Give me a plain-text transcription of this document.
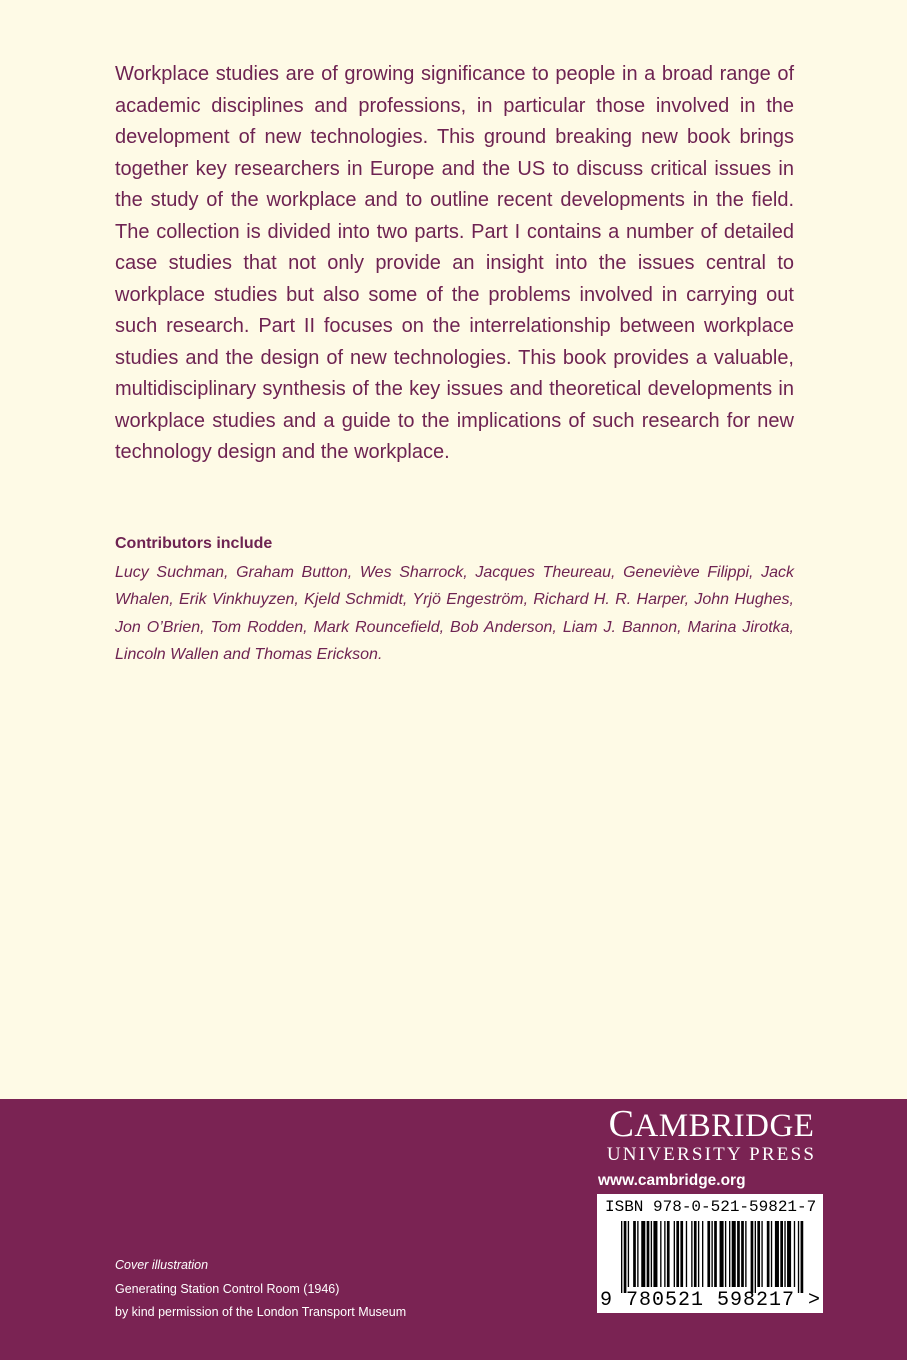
Workplace studies are of growing significance to people in a broad range of academic disciplines and professions, in particular those involved in the development of new technologies. This ground breaking new book brings together key researchers in Europe and the US to discuss critical issues in the study of the workplace and to outline recent developments in the field. The collection is divided into two parts. Part I contains a number of detailed case studies that not only provide an insight into the issues central to workplace studies but also some of the problems involved in carrying out such research. Part II focuses on the interrelationship between workplace studies and the design of new technologies. This book provides a valuable, multidisciplinary synthesis of the key issues and theoretical developments in workplace studies and a guide to the implications of such research for new technology design and the workplace.

Contributors include

Lucy Suchman, Graham Button, Wes Sharrock, Jacques Theureau, Geneviève Filippi, Jack Whalen, Erik Vinkhuyzen, Kjeld Schmidt, Yrjö Engeström, Richard H. R. Harper, John Hughes, Jon O’Brien, Tom Rodden, Mark Rouncefield, Bob Anderson, Liam J. Bannon, Marina Jirotka, Lincoln Wallen and Thomas Erickson.

CAMBRIDGE
UNIVERSITY PRESS
www.cambridge.org
ISBN 978-0-521-59821-7
9 780521 598217 >
Cover illustration
Generating Station Control Room (1946)
by kind permission of the London Transport Museum
